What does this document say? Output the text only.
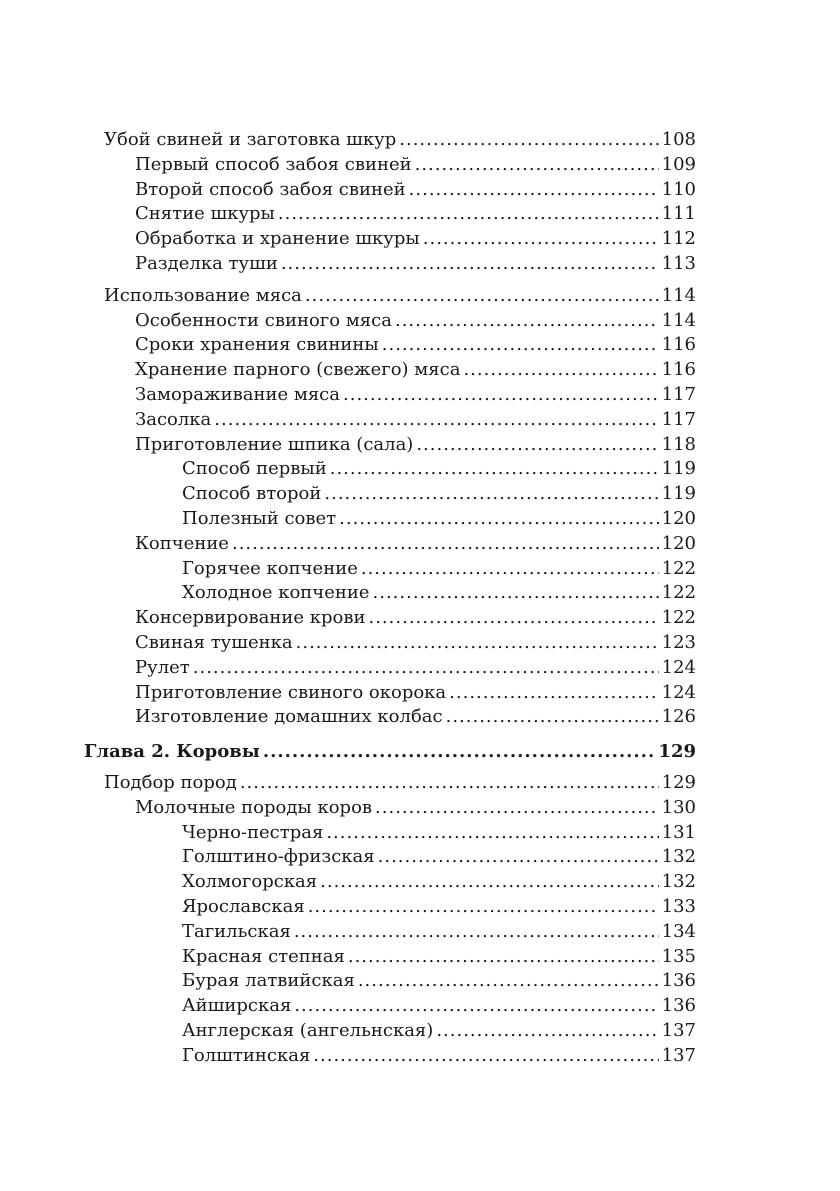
Убой свиней и заготовка шкур .....	108
Первый способ забоя свиней .....	109
Второй способ забоя свиней .....	110
Снятие шкуры .....	111
Обработка и хранение шкуры .....	112
Разделка туши .....	113
Использование мяса .....	114
Особенности свиного мяса .....	114
Сроки хранения свинины .....	116
Хранение парного (свежего) мяса .....	116
Замораживание мяса .....	117
Засолка .....	117
Приготовление шпика (сала) .....	118
Способ первый .....	119
Способ второй .....	119
Полезный совет .....	120
Копчение .....	120
Горячее копчение .....	122
Холодное копчение .....	122
Консервирование крови .....	122
Свиная тушенка .....	123
Рулет .....	124
Приготовление свиного окорока .....	124
Изготовление домашних колбас .....	126
Глава 2. Коровы .....	129
Подбор пород .....	129
Молочные породы коров .....	130
Черно-пестрая .....	131
Голштино-фризская .....	132
Холмогорская .....	132
Ярославская .....	133
Тагильская .....	134
Красная степная .....	135
Бурая латвийская .....	136
Айширская .....	136
Англерская (ангельнская) .....	137
Голштинская .....	137
